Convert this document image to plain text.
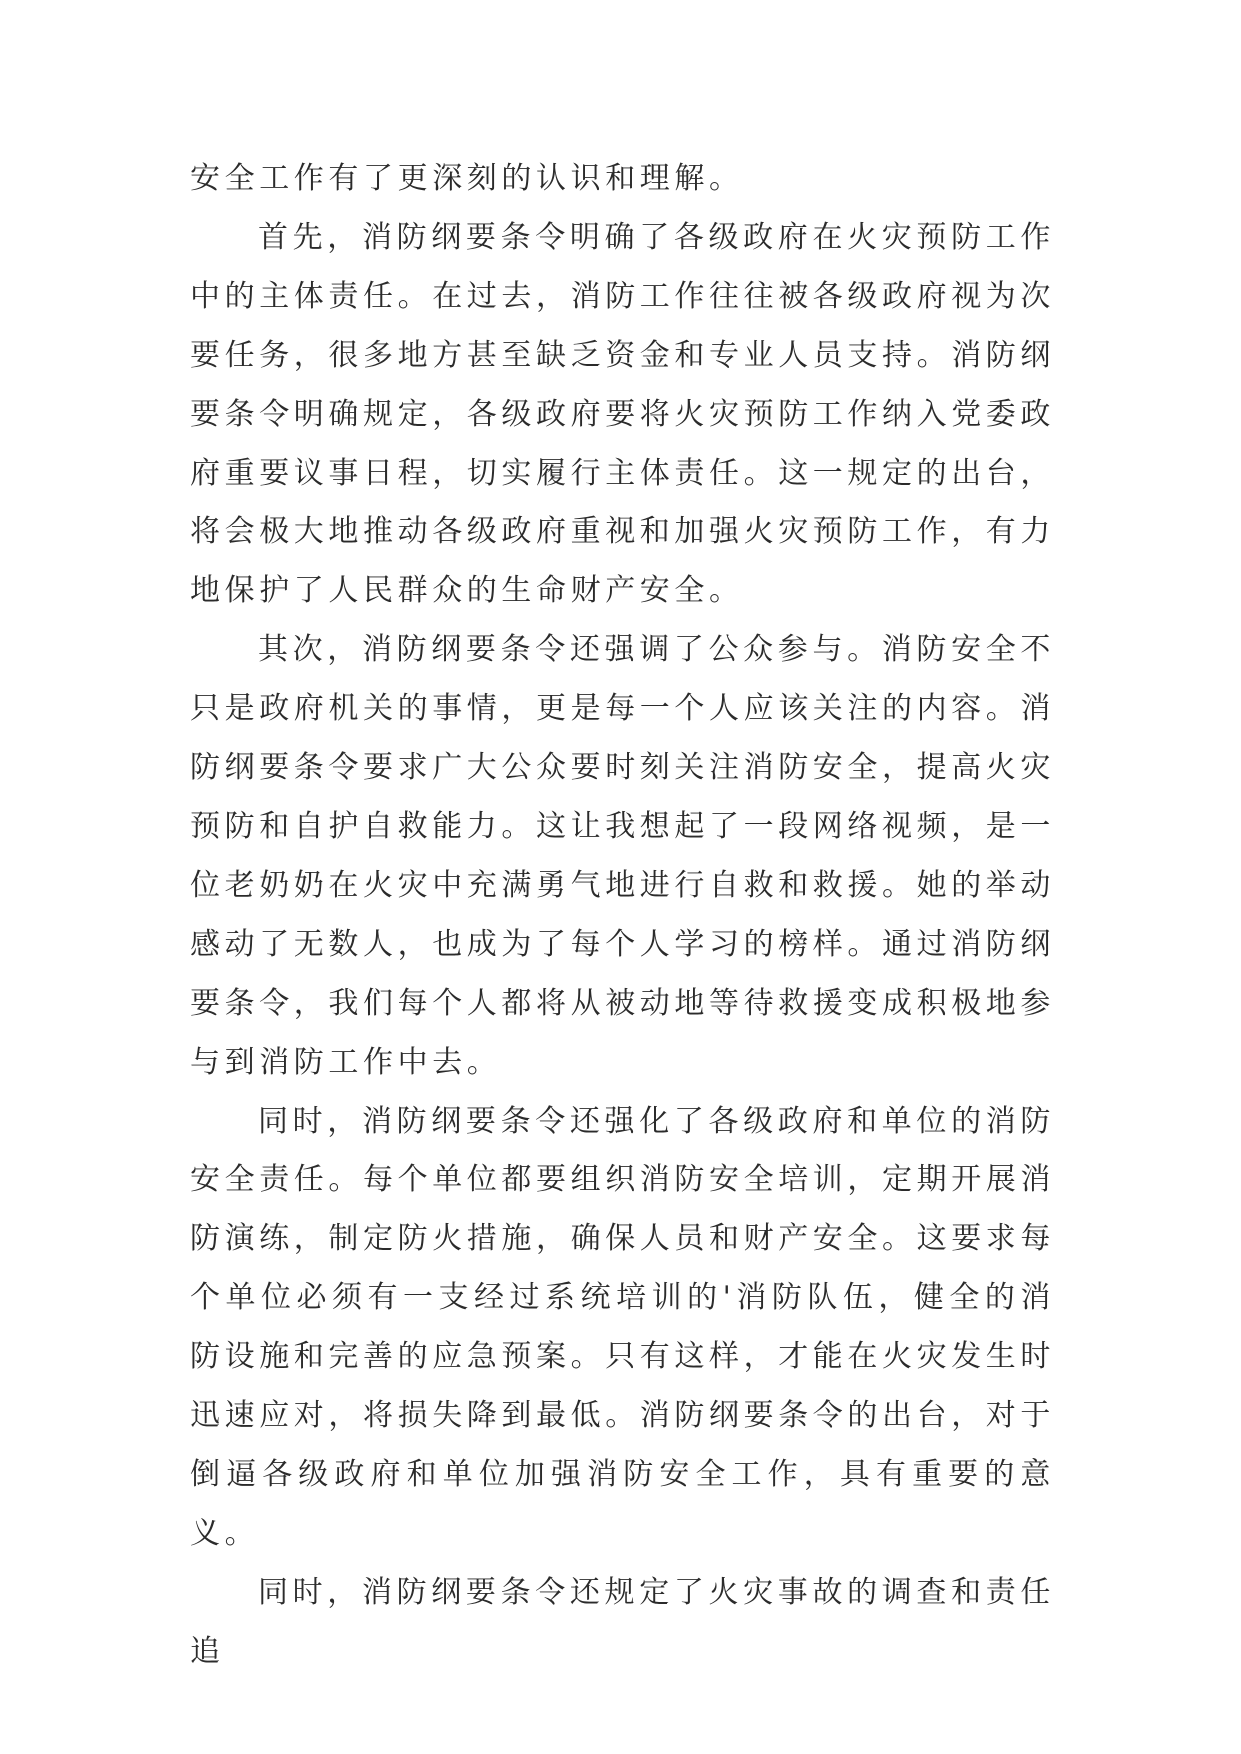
安全工作有了更深刻的认识和理解。

首先，消防纲要条令明确了各级政府在火灾预防工作中的主体责任。在过去，消防工作往往被各级政府视为次要任务，很多地方甚至缺乏资金和专业人员支持。消防纲要条令明确规定，各级政府要将火灾预防工作纳入党委政府重要议事日程，切实履行主体责任。这一规定的出台，将会极大地推动各级政府重视和加强火灾预防工作，有力地保护了人民群众的生命财产安全。

其次，消防纲要条令还强调了公众参与。消防安全不只是政府机关的事情，更是每一个人应该关注的内容。消防纲要条令要求广大公众要时刻关注消防安全，提高火灾预防和自护自救能力。这让我想起了一段网络视频，是一位老奶奶在火灾中充满勇气地进行自救和救援。她的举动感动了无数人，也成为了每个人学习的榜样。通过消防纲要条令，我们每个人都将从被动地等待救援变成积极地参与到消防工作中去。

同时，消防纲要条令还强化了各级政府和单位的消防安全责任。每个单位都要组织消防安全培训，定期开展消防演练，制定防火措施，确保人员和财产安全。这要求每个单位必须有一支经过系统培训的'消防队伍，健全的消防设施和完善的应急预案。只有这样，才能在火灾发生时迅速应对，将损失降到最低。消防纲要条令的出台，对于倒逼各级政府和单位加强消防安全工作，具有重要的意义。

同时，消防纲要条令还规定了火灾事故的调查和责任追
